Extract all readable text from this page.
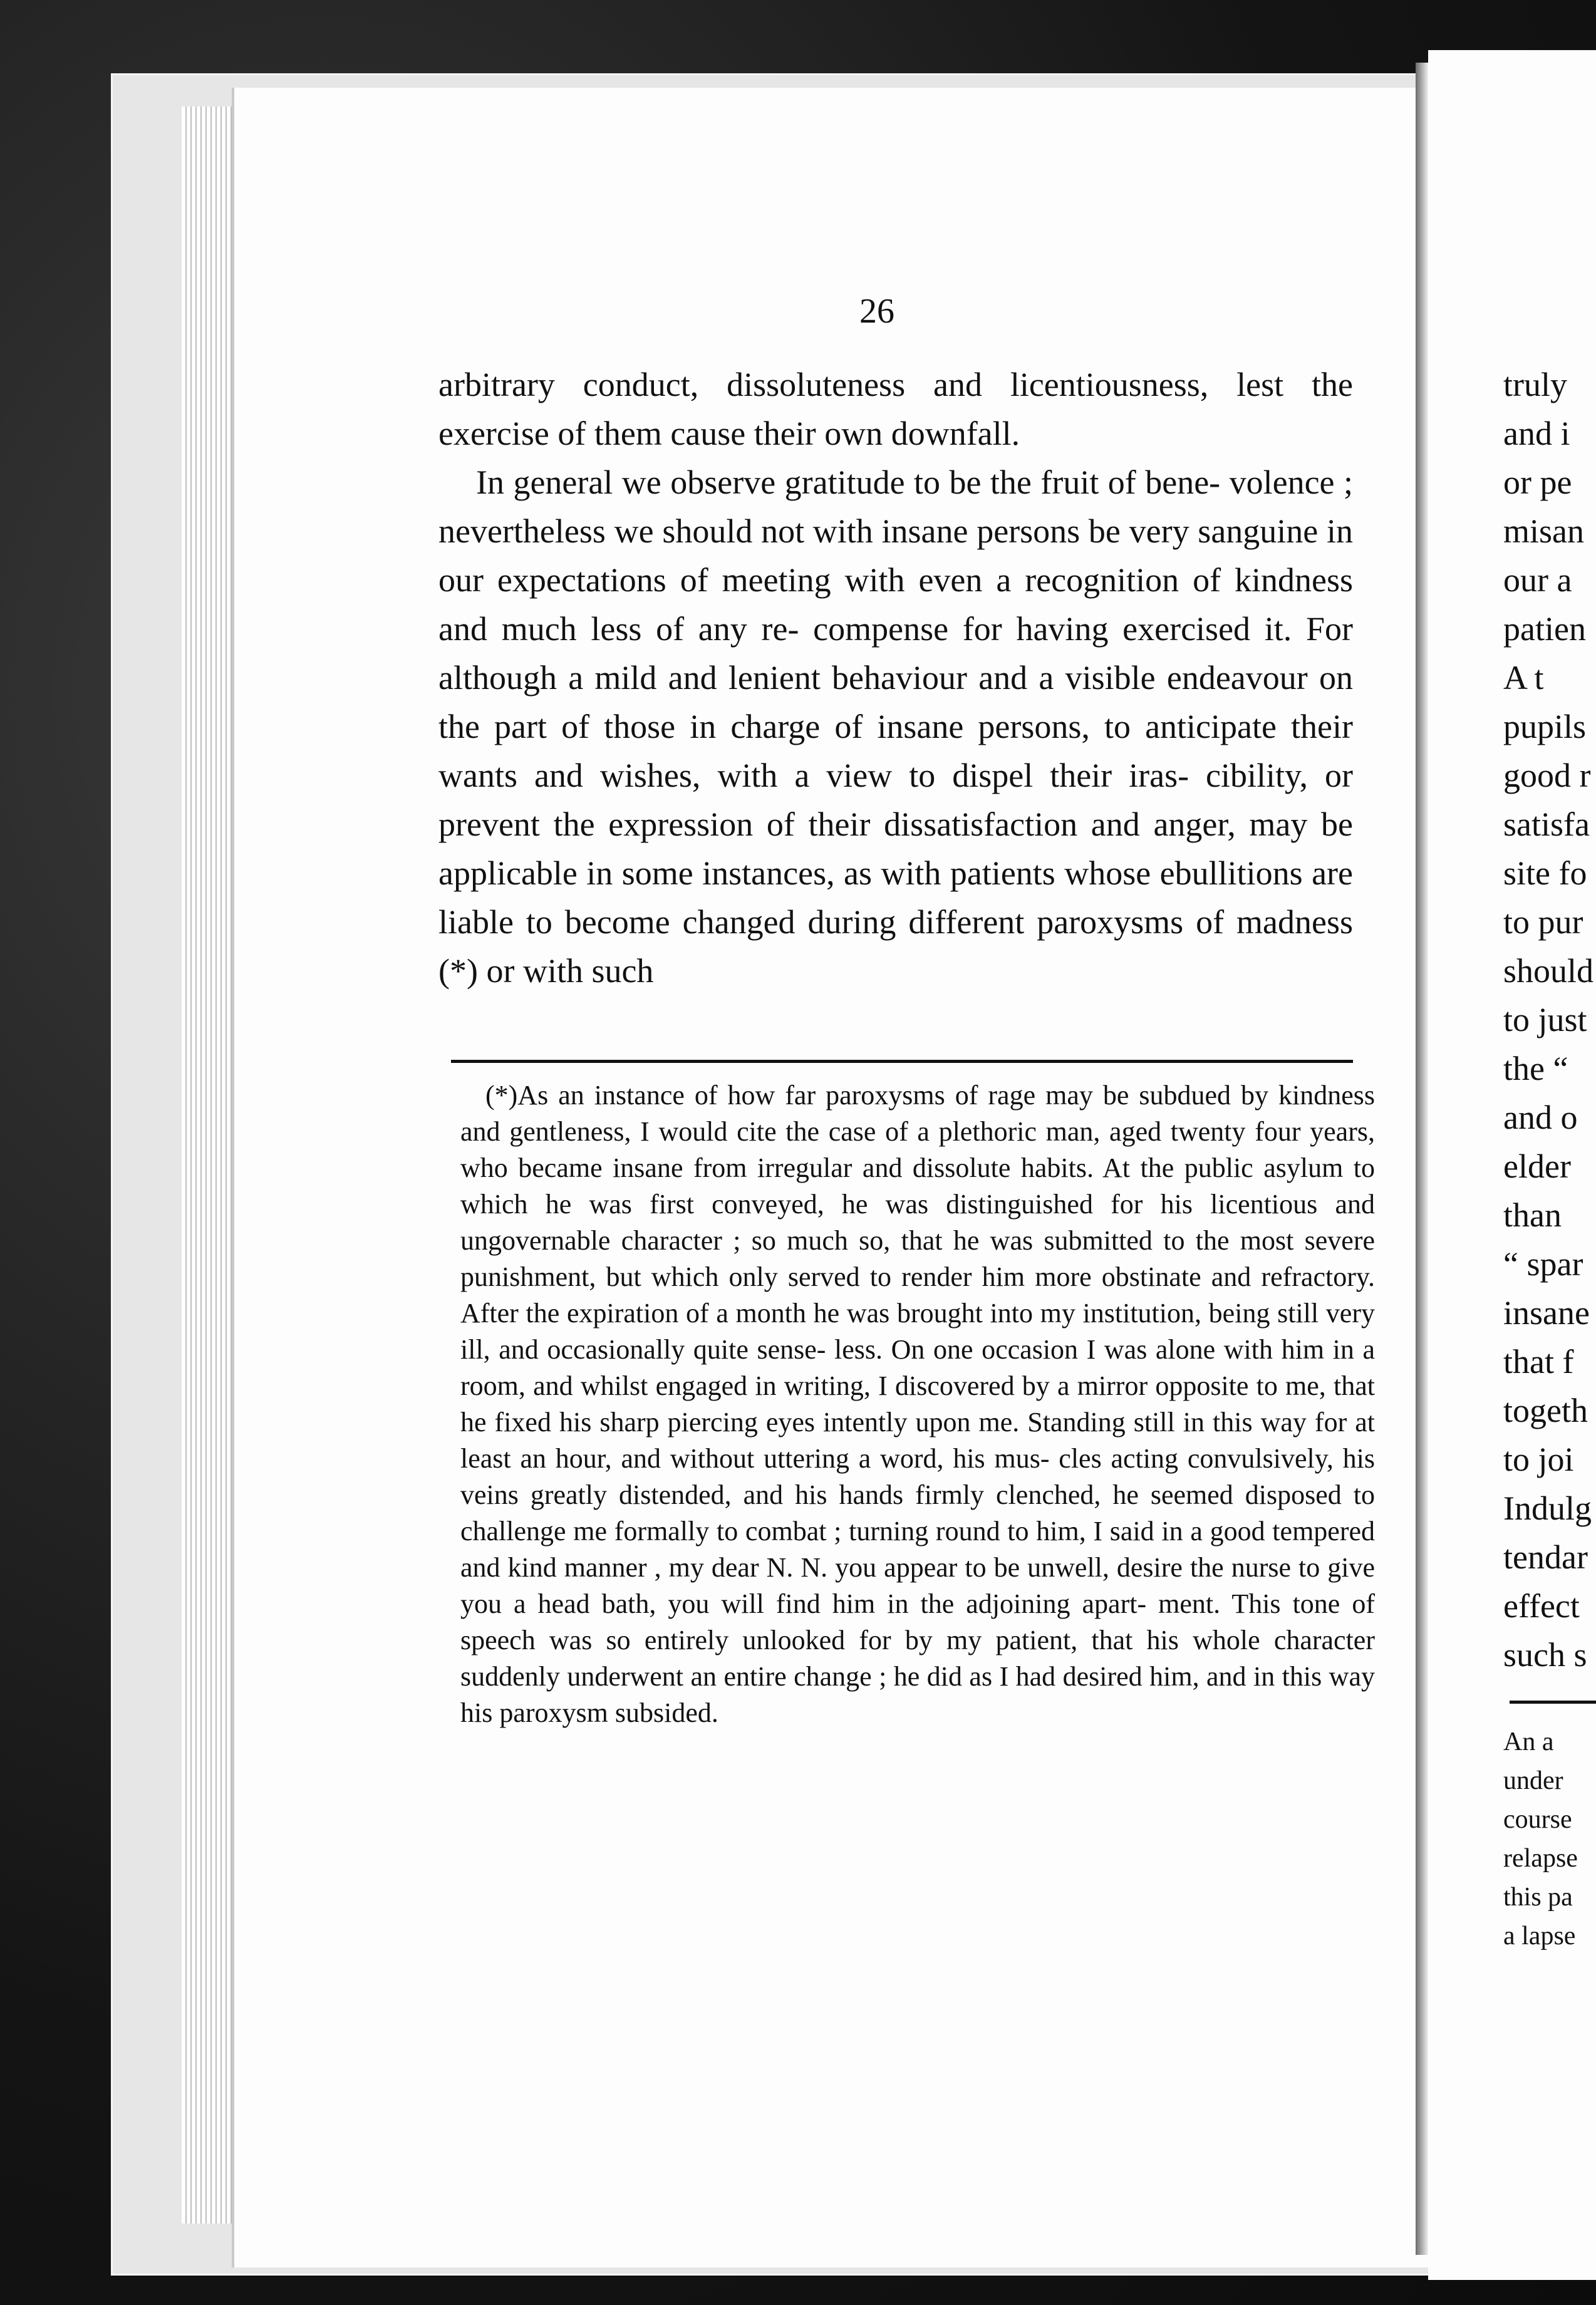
26

arbitrary conduct, dissoluteness and licentiousness, lest the exercise of them cause their own downfall.

In general we observe gratitude to be the fruit of bene- volence ; nevertheless we should not with insane persons be very sanguine in our expectations of meeting with even a recognition of kindness and much less of any re- compense for having exercised it. For although a mild and lenient behaviour and a visible endeavour on the part of those in charge of insane persons, to anticipate their wants and wishes, with a view to dispel their iras- cibility, or prevent the expression of their dissatisfaction and anger, may be applicable in some instances, as with patients whose ebullitions are liable to become changed during different paroxysms of madness (*) or with such

(*)As an instance of how far paroxysms of rage may be subdued by kindness and gentleness, I would cite the case of a plethoric man, aged twenty four years, who became insane from irregular and dissolute habits. At the public asylum to which he was first conveyed, he was distinguished for his licentious and ungovernable character ; so much so, that he was submitted to the most severe punishment, but which only served to render him more obstinate and refractory. After the expiration of a month he was brought into my institution, being still very ill, and occasionally quite sense- less. On one occasion I was alone with him in a room, and whilst engaged in writing, I discovered by a mirror opposite to me, that he fixed his sharp piercing eyes intently upon me. Standing still in this way for at least an hour, and without uttering a word, his mus- cles acting convulsively, his veins greatly distended, and his hands firmly clenched, he seemed disposed to challenge me formally to combat ; turning round to him, I said in a good tempered and kind manner , my dear N. N. you appear to be unwell, desire the nurse to give you a head bath, you will find him in the adjoining apart- ment. This tone of speech was so entirely unlooked for by my patient, that his whole character suddenly underwent an entire change ; he did as I had desired him, and in this way his paroxysm subsided.

truly
and i
or pe
misan
our a
patien
A t
pupils
good r
satisfa
site fo
to pur
should
to just
the “
and o
elder
than
“ spar
insane
that f
togeth
to joi
Indulg
tendar
effect
such s
An a
under
course
relapse
this pa
a lapse
